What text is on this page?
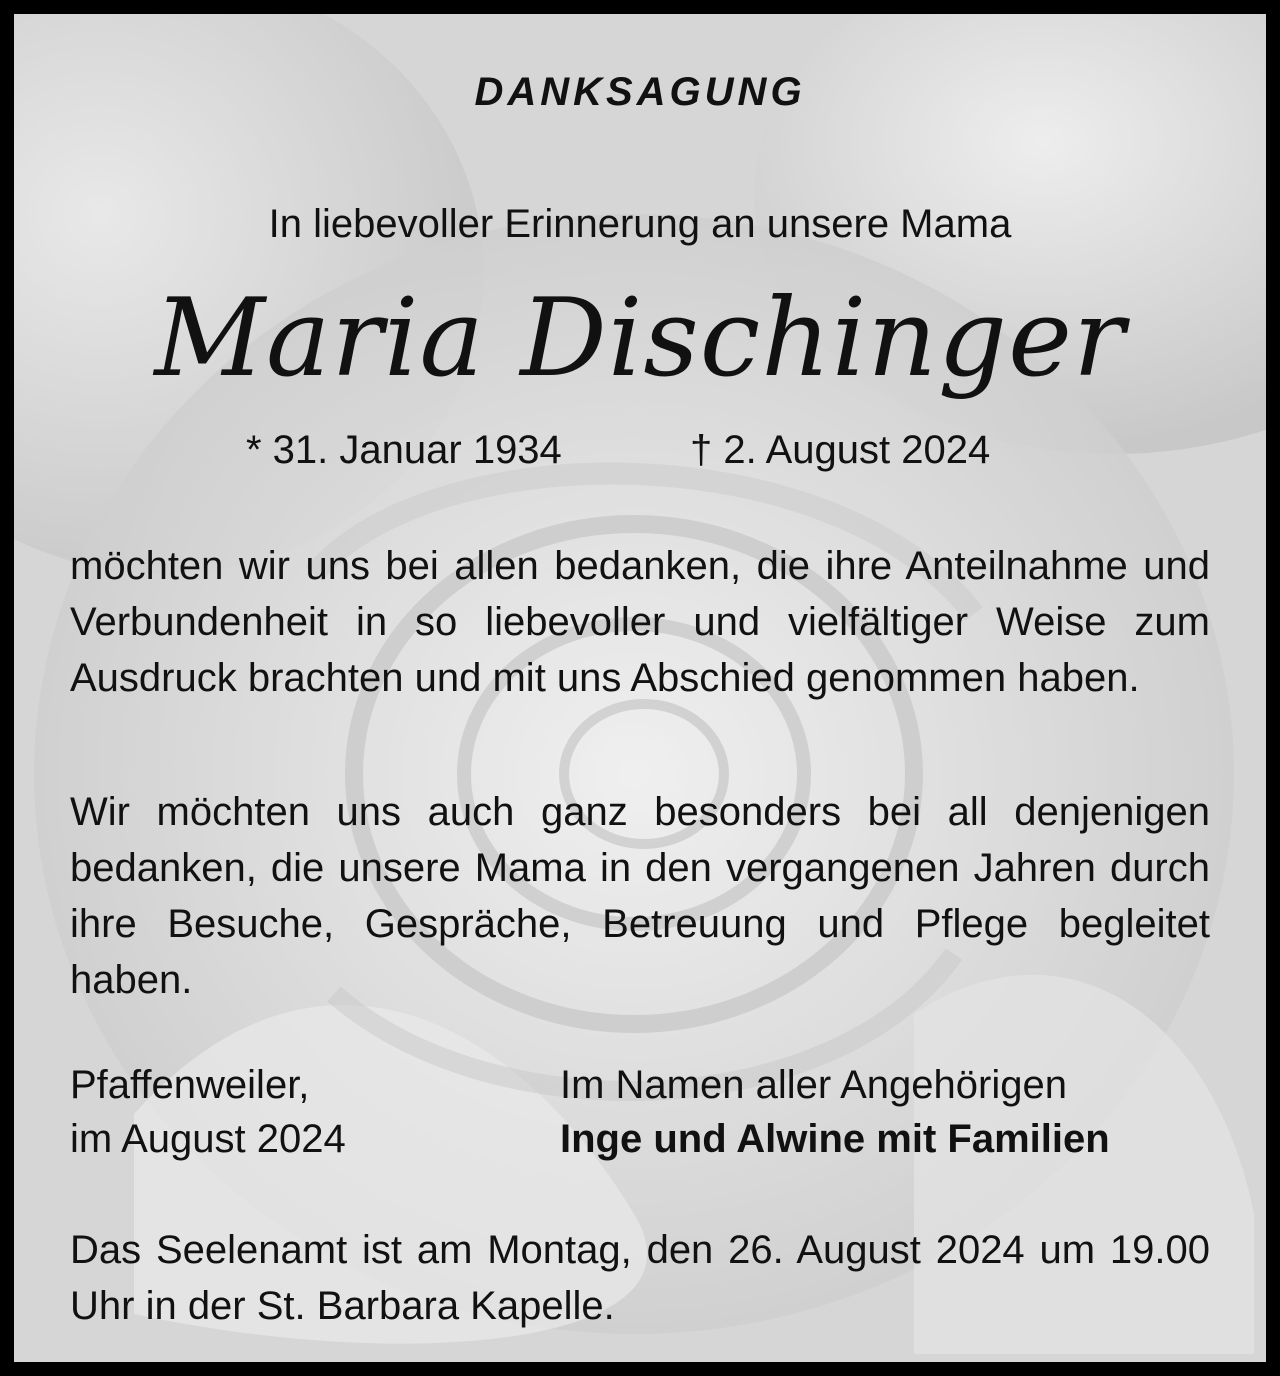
DANKSAGUNG

In liebevoller Erinnerung an unsere Mama

Maria Dischinger

* 31. Januar 1934	† 2. August 2024

möchten wir uns bei allen bedanken, die ihre Anteilnahme und Verbundenheit in so liebevoller und vielfältiger Weise zum Ausdruck brachten und mit uns Abschied genommen haben.

Wir möchten uns auch ganz besonders bei all denjenigen bedanken, die unsere Mama in den vergangenen Jahren durch ihre Besuche, Gespräche, Betreuung und Pflege begleitet haben.

Pfaffenweiler,
im August 2024
Im Namen aller Angehörigen
Inge und Alwine mit Familien

Das Seelenamt ist am Montag, den 26. August 2024 um 19.00 Uhr in der St. Barbara Kapelle.
